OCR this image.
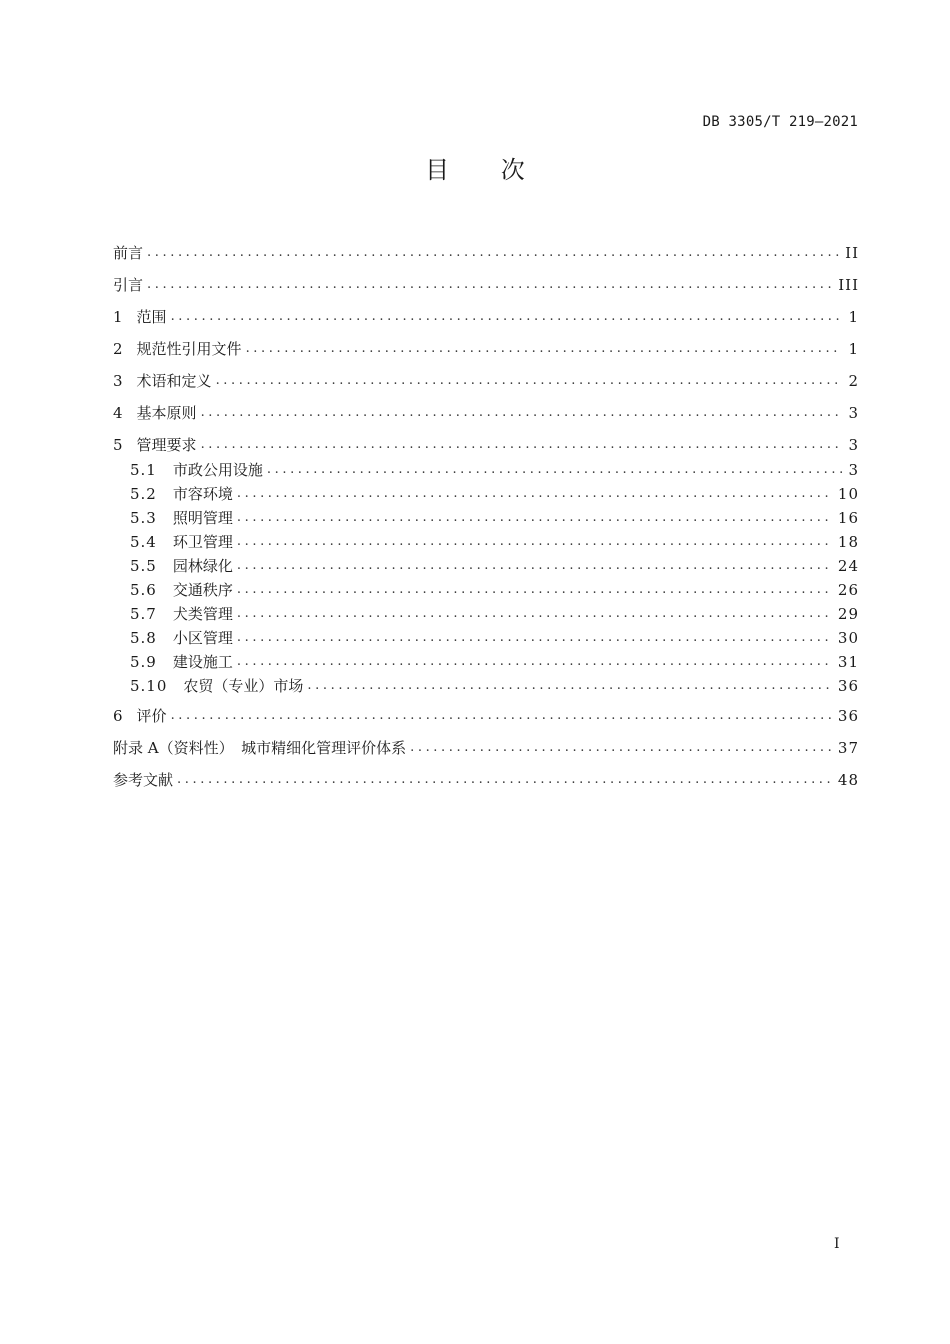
DB 3305/T 219—2021
目 次
前言 .....	II
引言 .....	III
1 范围 .....	1
2 规范性引用文件 .....	1
3 术语和定义 .....	2
4 基本原则 .....	3
5 管理要求 .....	3
5.1 市政公用设施 .....	3
5.2 市容环境 .....	10
5.3 照明管理 .....	16
5.4 环卫管理 .....	18
5.5 园林绿化 .....	24
5.6 交通秩序 .....	26
5.7 犬类管理 .....	29
5.8 小区管理 .....	30
5.9 建设施工 .....	31
5.10 农贸（专业）市场 .....	36
6 评价 .....	36
附录 A（资料性）　城市精细化管理评价体系 .....	37
参考文献 .....	48
I
